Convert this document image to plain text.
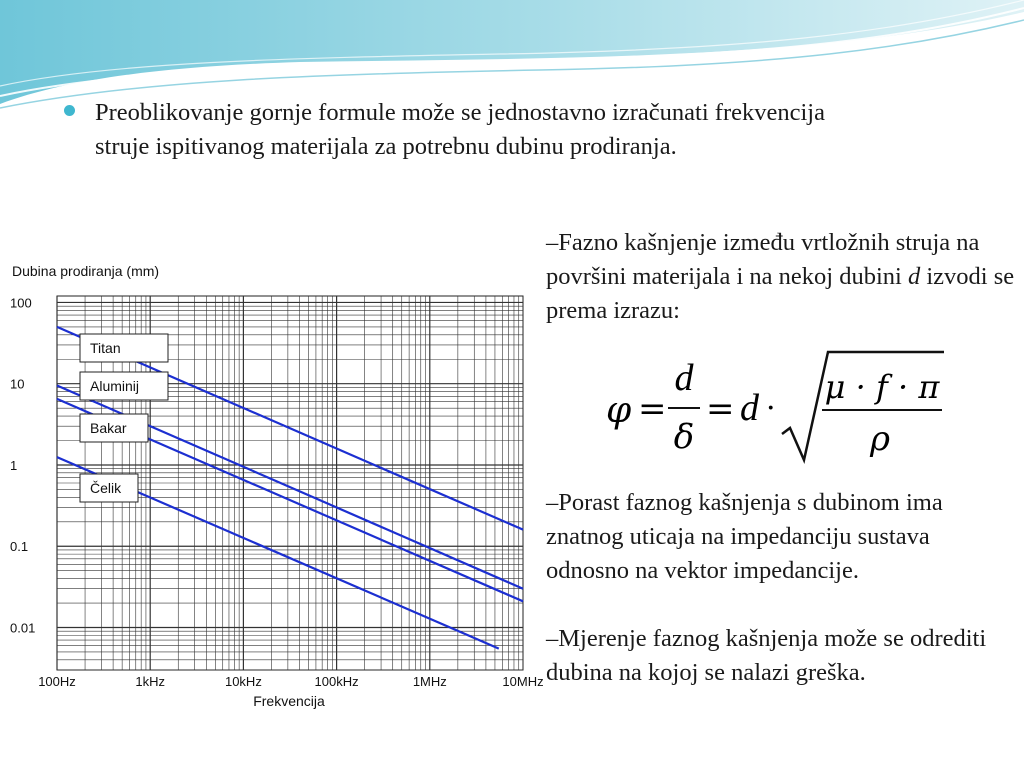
Preoblikovanje gornje formule može se jednostavno izračunati frekvencija struje ispitivanog materijala za potrebnu dubinu prodiranja.
Dubina prodiranja (mm)
100Hz	1kHz	10kHz	100kHz	1MHz	10MHz
100
10
1
0.1
0.01
Titan
Aluminij
Bakar
Čelik
Frekvencija
–Fazno kašnjenje između vrtložnih struja na površini materijala i na nekoj dubini d izvodi se prema izrazu:
φ =
d
δ
= d ·
μ · f · π
ρ
–Porast faznog kašnjenja s dubinom ima znatnog uticaja na impedanciju sustava odnosno na vektor impedancije.
–Mjerenje faznog kašnjenja može se odrediti dubina na kojoj se nalazi greška.
